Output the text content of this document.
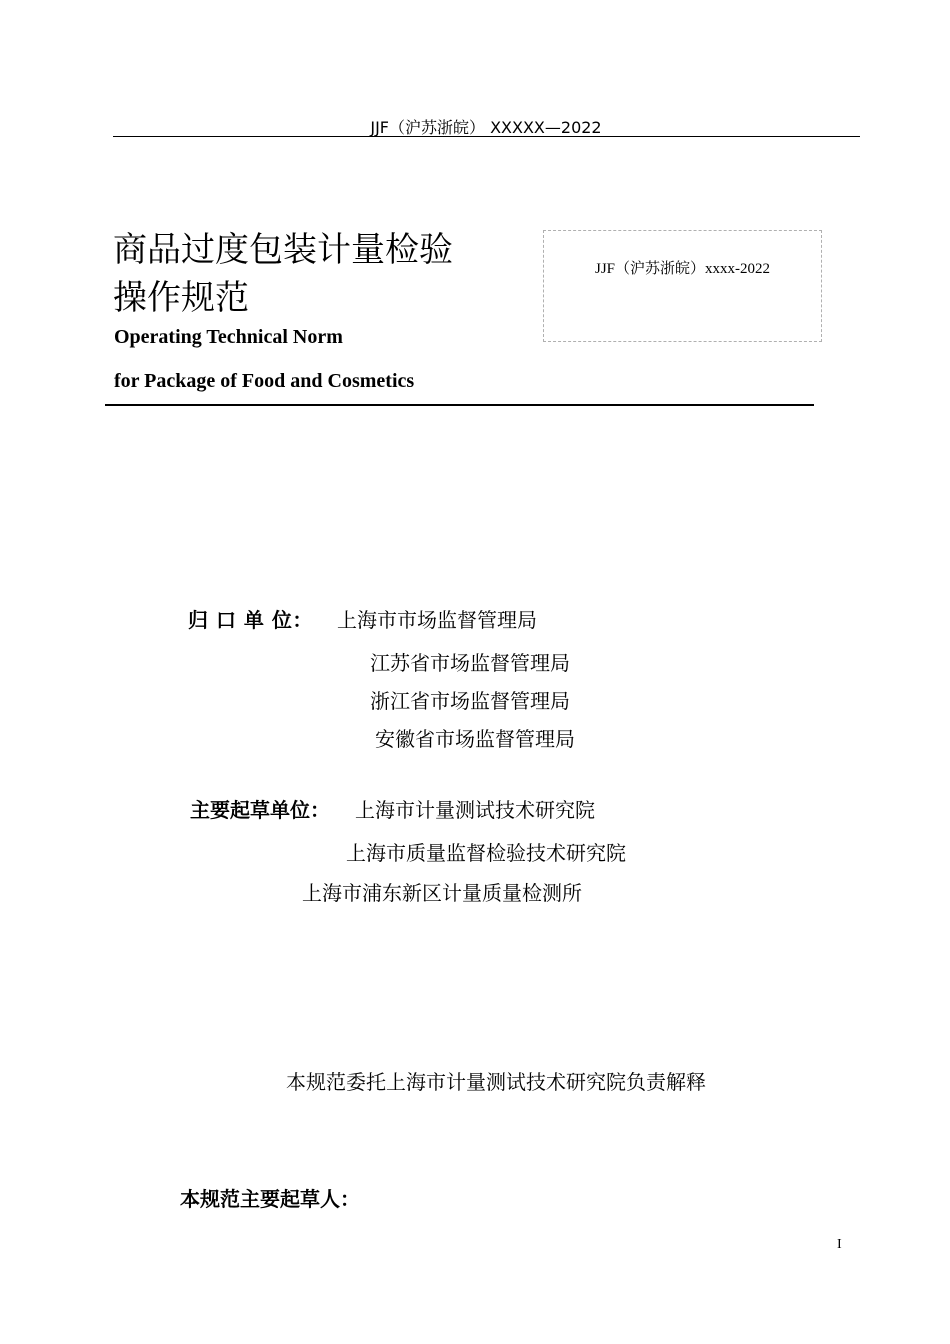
JJF（沪苏浙皖） XXXXX—2022
商品过度包装计量检验
操作规范
Operating Technical Norm
for Package of Food and Cosmetics
JJF（沪苏浙皖）xxxx-2022
归 口 单 位： 上海市市场监督管理局
江苏省市场监督管理局
浙江省市场监督管理局
安徽省市场监督管理局
主要起草单位： 上海市计量测试技术研究院
上海市质量监督检验技术研究院
上海市浦东新区计量质量检测所
本规范委托上海市计量测试技术研究院负责解释
本规范主要起草人：
I
